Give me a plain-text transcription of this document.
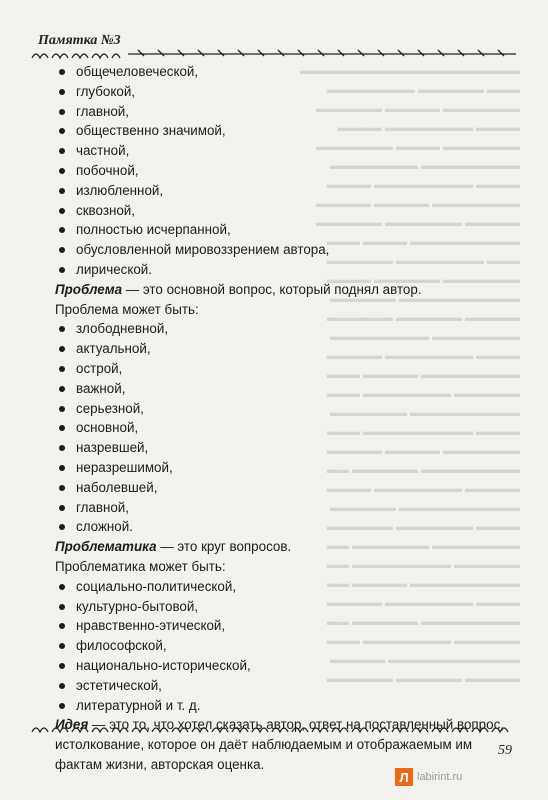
Памятка №3
▬▬▬▬▬▬▬▬▬▬▬▬▬▬▬▬▬▬▬▬
▬▬▬ ▬▬▬▬▬▬ ▬▬▬▬▬▬▬▬
▬▬▬▬▬▬▬ ▬▬▬▬▬ ▬▬▬▬▬▬
▬▬▬▬ ▬▬▬▬▬▬▬▬ ▬▬▬▬
▬▬▬▬▬▬▬ ▬▬▬▬ ▬▬▬▬▬▬▬
▬▬▬▬▬▬▬▬▬ ▬▬▬▬▬▬▬▬
▬▬▬▬ ▬▬▬▬▬▬▬▬▬ ▬▬▬▬
▬▬▬▬▬▬▬▬ ▬▬▬▬▬ ▬▬▬▬▬
▬▬▬▬▬ ▬▬▬▬▬▬▬ ▬▬▬▬▬▬
▬▬▬▬▬▬▬▬▬▬ ▬▬▬▬ ▬▬▬
▬▬▬ ▬▬▬▬▬▬▬▬ ▬▬▬▬▬▬
▬▬▬▬▬▬▬ ▬▬▬▬▬▬ ▬▬▬▬
▬▬▬▬▬▬▬▬▬▬▬ ▬▬▬▬▬▬
▬▬▬▬▬ ▬▬▬▬▬▬ ▬▬▬▬▬▬
▬▬▬▬▬▬▬▬ ▬▬▬▬▬▬▬▬▬
▬▬▬▬ ▬▬▬▬▬▬▬▬ ▬▬▬▬▬
▬▬▬▬▬▬▬▬▬ ▬▬▬▬▬ ▬▬▬
▬▬▬▬▬▬ ▬▬▬▬▬▬▬▬ ▬▬▬
▬▬▬▬▬▬▬▬▬▬ ▬▬▬▬▬▬▬
▬▬▬▬ ▬▬▬▬▬▬▬▬▬▬ ▬▬▬
▬▬▬▬▬▬▬ ▬▬▬▬▬ ▬▬▬▬▬
▬▬▬▬▬▬▬▬▬ ▬▬▬▬▬▬ ▬▬
▬▬▬▬▬ ▬▬▬▬▬▬▬▬ ▬▬▬▬
▬▬▬▬▬▬▬▬▬▬▬ ▬▬▬▬▬▬
▬▬▬▬ ▬▬▬▬▬▬▬ ▬▬▬▬▬▬
▬▬▬▬▬▬▬▬ ▬▬▬▬▬▬▬ ▬▬
▬▬▬▬▬▬ ▬▬▬▬▬▬▬▬▬ ▬▬
▬▬▬▬▬▬▬▬▬▬ ▬▬▬▬▬ ▬▬
▬▬▬▬ ▬▬▬▬▬▬▬▬ ▬▬▬▬▬
▬▬▬▬▬▬▬▬▬ ▬▬▬▬▬▬ ▬▬
▬▬▬▬▬▬ ▬▬▬▬▬▬▬▬ ▬▬▬
▬▬▬▬▬▬▬▬▬▬▬▬ ▬▬▬▬▬
▬▬▬▬▬ ▬▬▬▬▬▬ ▬▬▬▬▬▬
общечеловеческой,
глубокой,
главной,
общественно значимой,
частной,
побочной,
излюбленной,
сквозной,
полностью исчерпанной,
обусловленной мировоззрением автора,
лирической.

Проблема — это основной вопрос, который поднял автор.

Проблема может быть:

злободневной,
актуальной,
острой,
важной,
серьезной,
основной,
назревшей,
неразрешимой,
наболевшей,
главной,
сложной.

Проблематика — это круг вопросов.

Проблематика может быть:

социально-политической,
культурно-бытовой,
нравственно-этической,
философской,
национально-исторической,
эстетической,
литературной и т. д.

Идея — это то, что хотел сказать автор, ответ на поставленный вопрос, истолкование, которое он даёт наблюдаемым и отображаемым им фактам жизни, авторская оценка.

59
Л labirint.ru
